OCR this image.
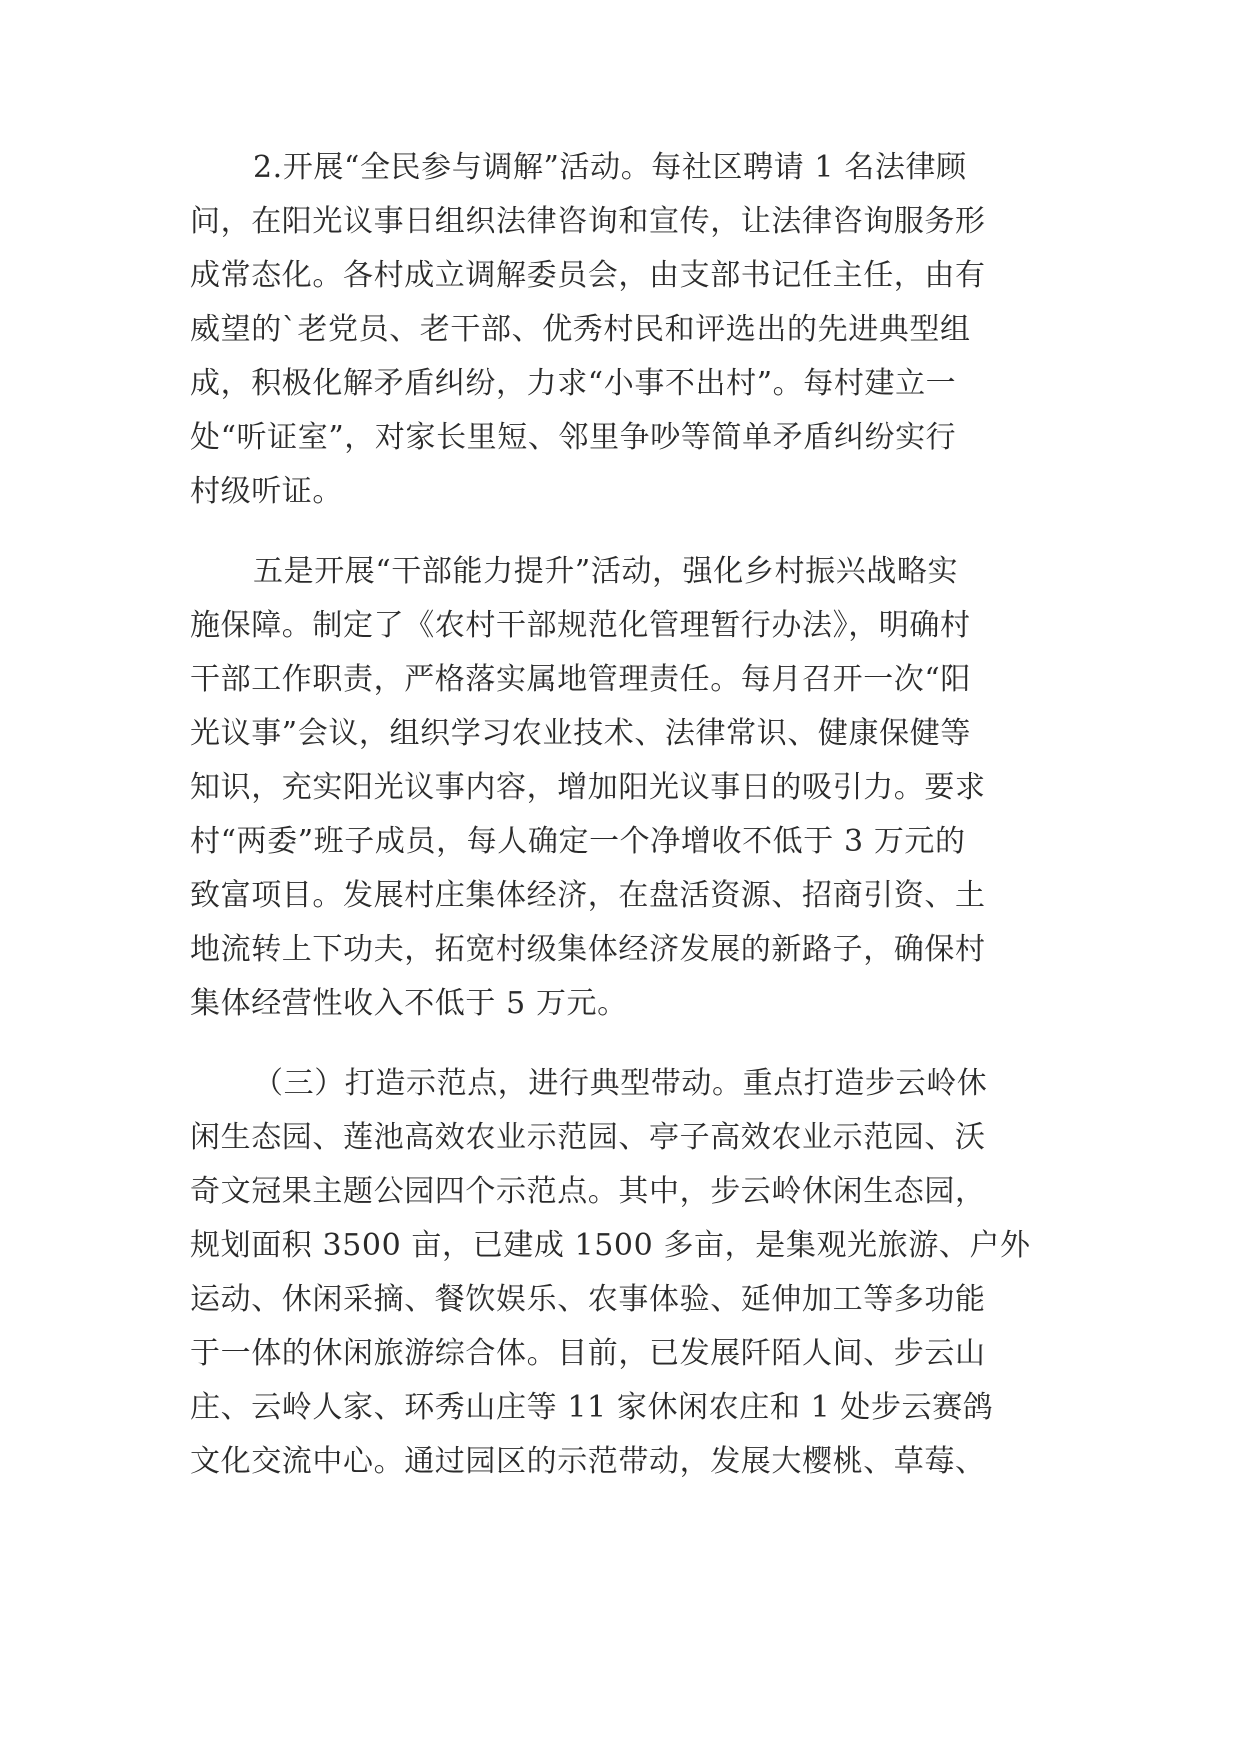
2.开展“全民参与调解”活动。每社区聘请 1 名法律顾
问，在阳光议事日组织法律咨询和宣传，让法律咨询服务形
成常态化。各村成立调解委员会，由支部书记任主任，由有
威望的`老党员、老干部、优秀村民和评选出的先进典型组
成，积极化解矛盾纠纷，力求“小事不出村”。每村建立一
处“听证室”，对家长里短、邻里争吵等简单矛盾纠纷实行
村级听证。
五是开展“干部能力提升”活动，强化乡村振兴战略实
施保障。制定了《农村干部规范化管理暂行办法》，明确村
干部工作职责，严格落实属地管理责任。每月召开一次“阳
光议事”会议，组织学习农业技术、法律常识、健康保健等
知识，充实阳光议事内容，增加阳光议事日的吸引力。要求
村“两委”班子成员，每人确定一个净增收不低于 3 万元的
致富项目。发展村庄集体经济，在盘活资源、招商引资、土
地流转上下功夫，拓宽村级集体经济发展的新路子，确保村
集体经营性收入不低于 5 万元。
（三）打造示范点，进行典型带动。重点打造步云岭休
闲生态园、莲池高效农业示范园、亭子高效农业示范园、沃
奇文冠果主题公园四个示范点。其中，步云岭休闲生态园，
规划面积 3500 亩，已建成 1500 多亩，是集观光旅游、户外
运动、休闲采摘、餐饮娱乐、农事体验、延伸加工等多功能
于一体的休闲旅游综合体。目前，已发展阡陌人间、步云山
庄、云岭人家、环秀山庄等 11 家休闲农庄和 1 处步云赛鸽
文化交流中心。通过园区的示范带动，发展大樱桃、草莓、
